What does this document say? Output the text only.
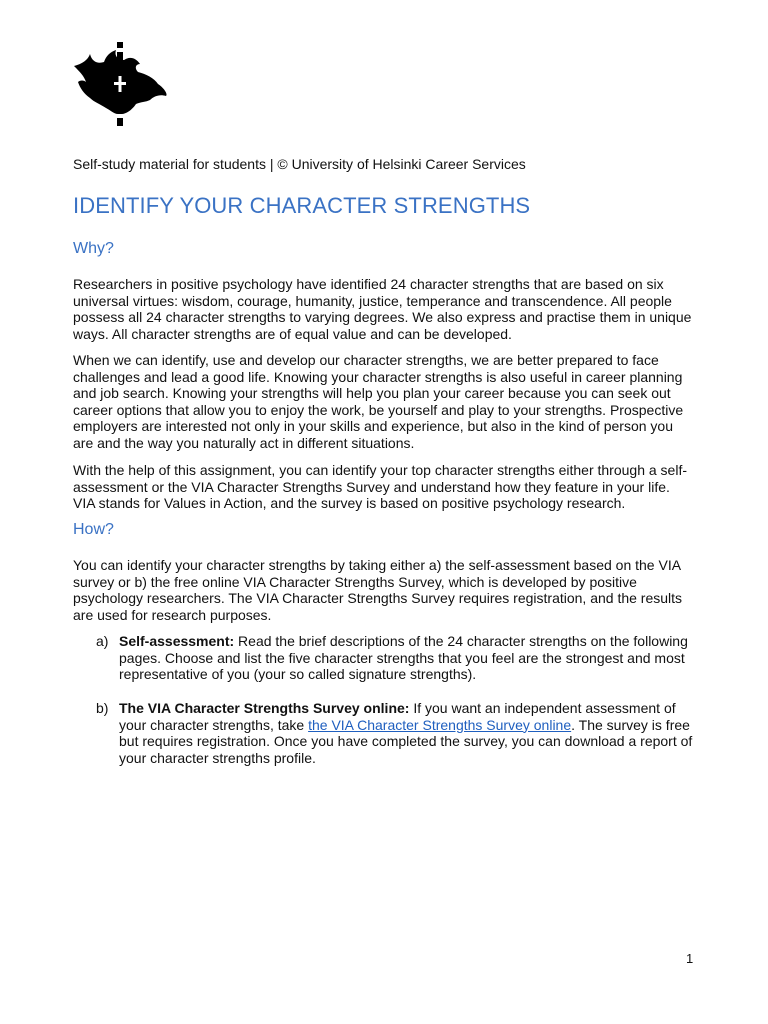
Self-study material for students | © University of Helsinki Career Services
IDENTIFY YOUR CHARACTER STRENGTHS
Why?

Researchers in positive psychology have identified 24 character strengths that are based on six universal virtues: wisdom, courage, humanity, justice, temperance and transcendence. All people possess all 24 character strengths to varying degrees. We also express and practise them in unique ways. All character strengths are of equal value and can be developed.

When we can identify, use and develop our character strengths, we are better prepared to face challenges and lead a good life. Knowing your character strengths is also useful in career planning and job search. Knowing your strengths will help you plan your career because you can seek out career options that allow you to enjoy the work, be yourself and play to your strengths. Prospective employers are interested not only in your skills and experience, but also in the kind of person you are and the way you naturally act in different situations.

With the help of this assignment, you can identify your top character strengths either through a self-assessment or the VIA Character Strengths Survey and understand how they feature in your life. VIA stands for Values in Action, and the survey is based on positive psychology research.

How?

You can identify your character strengths by taking either a) the self-assessment based on the VIA survey or b) the free online VIA Character Strengths Survey, which is developed by positive psychology researchers. The VIA Character Strengths Survey requires registration, and the results are used for research purposes.

a) Self-assessment: Read the brief descriptions of the 24 character strengths on the following pages. Choose and list the five character strengths that you feel are the strongest and most representative of you (your so called signature strengths).
b) The VIA Character Strengths Survey online: If you want an independent assessment of your character strengths, take the VIA Character Strengths Survey online. The survey is free but requires registration. Once you have completed the survey, you can download a report of your character strengths profile.
1
